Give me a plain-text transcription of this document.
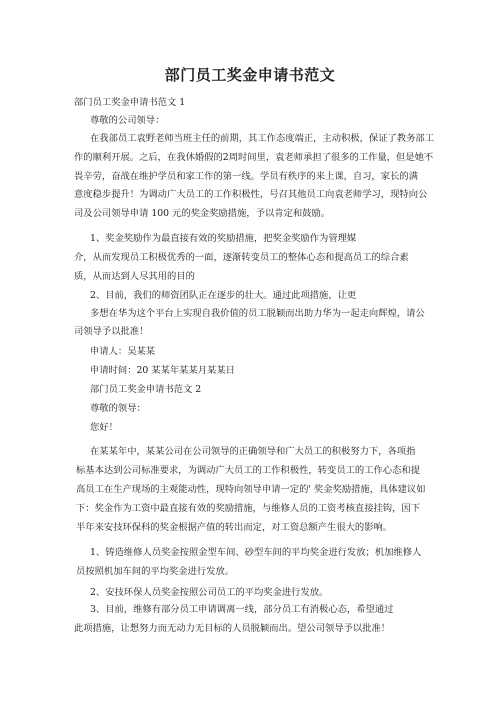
部门员工奖金申请书范文
部门员工奖金申请书范文 1
尊敬的公司领导：
在我部员工袁野老师当班主任的前期，其工作态度端正，主动积极，保证了教务部工
作的顺利开展。之后，在我休婚假的2周时间里，袁老师承担了很多的工作量，但是她不
畏辛劳，奋战在维护学员和家工作的第一线。学员有秩序的来上课，自习，家长的满
意度稳步提升！为调动广大员工的工作积极性，号召其他员工向袁老师学习，现特向公
司及公司领导申请 100 元的奖金奖励措施，予以肯定和鼓励。
1、奖金奖励作为最直接有效的奖励措施，把奖金奖励作为管理媒
介，从而发现员工积极优秀的一面，逐渐转变员工的整体心态和提高员工的综合素
质，从而达到人尽其用的目的
2、目前，我们的师资团队正在逐步的壮大。通过此项措施，让更
多想在华为这个平台上实现自我价值的员工脱颖而出助力华为一起走向辉煌，请公
司领导予以批准！
申请人：吴某某
申请时间：20 某某年某某月某某日
部门员工奖金申请书范文 2
尊敬的领导：
您好！
在某某年中，某某公司在公司领导的正确领导和广大员工的积极努力下，各项指
标基本达到公司标准要求，为调动广大员工的工作积极性，转变员工的工作心态和提
高员工在生产现场的主观能动性，现特向领导申请一定的' 奖金奖励措施，具体建议如
下：奖金作为工资中最直接有效的奖励措施，与维修人员的工资考核直接挂钩，因下
半年来安技环保科的奖金根据产值的转出而定，对工资总额产生很大的影响。
1、铸造维修人员奖金按照金型车间、砂型车间的平均奖金进行发放；机加维修人
员按照机加车间的平均奖金进行发放。
2、安技环保人员奖金按照公司员工的平均奖金进行发放。
3、目前，维修有部分员工申请调离一线，部分员工有消极心态，希望通过
此项措施，让想努力而无动力无目标的人员脱颖而出。望公司领导予以批准！
